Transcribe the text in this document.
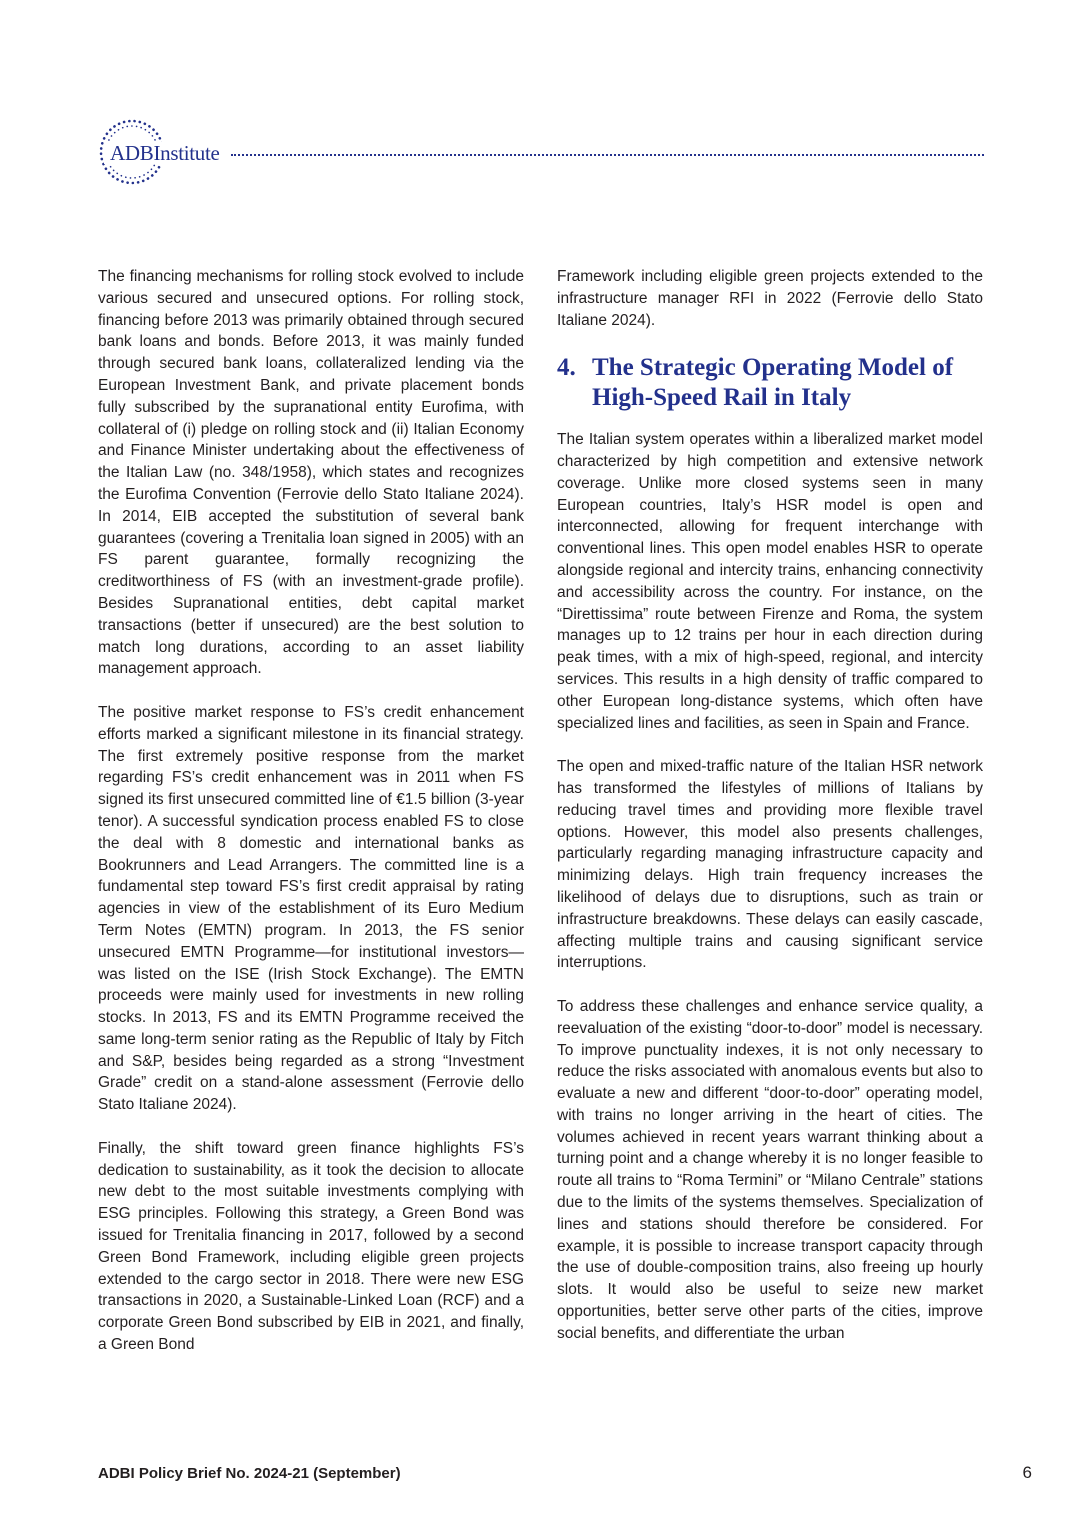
ADBInstitute

The financing mechanisms for rolling stock evolved to include various secured and unsecured options. For rolling stock, financing before 2013 was primarily obtained through secured bank loans and bonds. Before 2013, it was mainly funded through secured bank loans, collateralized lending via the European Investment Bank, and private placement bonds fully subscribed by the supranational entity Eurofima, with collateral of (i) pledge on rolling stock and (ii) Italian Economy and Finance Minister undertaking about the effectiveness of the Italian Law (no. 348/1958), which states and recognizes the Eurofima Convention (Ferrovie dello Stato Italiane 2024). In 2014, EIB accepted the substitution of several bank guarantees (covering a Trenitalia loan signed in 2005) with an FS parent guarantee, formally recognizing the creditworthiness of FS (with an investment-grade profile). Besides Supranational entities, debt capital market transactions (better if unsecured) are the best solution to match long durations, according to an asset liability management approach.

The positive market response to FS’s credit enhancement efforts marked a significant milestone in its financial strategy. The first extremely positive response from the market regarding FS’s credit enhancement was in 2011 when FS signed its first unsecured committed line of €1.5 billion (3-year tenor). A successful syndication process enabled FS to close the deal with 8 domestic and international banks as Bookrunners and Lead Arrangers. The committed line is a fundamental step toward FS’s first credit appraisal by rating agencies in view of the establishment of its Euro Medium Term Notes (EMTN) program. In 2013, the FS senior unsecured EMTN Programme—for institutional investors—was listed on the ISE (Irish Stock Exchange). The EMTN proceeds were mainly used for investments in new rolling stocks. In 2013, FS and its EMTN Programme received the same long-term senior rating as the Republic of Italy by Fitch and S&P, besides being regarded as a strong “Investment Grade” credit on a stand-alone assessment (Ferrovie dello Stato Italiane 2024).

Finally, the shift toward green finance highlights FS’s dedication to sustainability, as it took the decision to allocate new debt to the most suitable investments complying with ESG principles. Following this strategy, a Green Bond was issued for Trenitalia financing in 2017, followed by a second Green Bond Framework, including eligible green projects extended to the cargo sector in 2018. There were new ESG transactions in 2020, a Sustainable-Linked Loan (RCF) and a corporate Green Bond subscribed by EIB in 2021, and finally, a Green Bond

Framework including eligible green projects extended to the infrastructure manager RFI in 2022 (Ferrovie dello Stato Italiane 2024).

4. The Strategic Operating Model of High-Speed Rail in Italy

The Italian system operates within a liberalized market model characterized by high competition and extensive network coverage. Unlike more closed systems seen in many European countries, Italy’s HSR model is open and interconnected, allowing for frequent interchange with conventional lines. This open model enables HSR to operate alongside regional and intercity trains, enhancing connectivity and accessibility across the country. For instance, on the “Direttissima” route between Firenze and Roma, the system manages up to 12 trains per hour in each direction during peak times, with a mix of high-speed, regional, and intercity services. This results in a high density of traffic compared to other European long-distance systems, which often have specialized lines and facilities, as seen in Spain and France.

The open and mixed-traffic nature of the Italian HSR network has transformed the lifestyles of millions of Italians by reducing travel times and providing more flexible travel options. However, this model also presents challenges, particularly regarding managing infrastructure capacity and minimizing delays. High train frequency increases the likelihood of delays due to disruptions, such as train or infrastructure breakdowns. These delays can easily cascade, affecting multiple trains and causing significant service interruptions.

To address these challenges and enhance service quality, a reevaluation of the existing “door-to-door” model is necessary. To improve punctuality indexes, it is not only necessary to reduce the risks associated with anomalous events but also to evaluate a new and different “door-to-door” operating model, with trains no longer arriving in the heart of cities. The volumes achieved in recent years warrant thinking about a turning point and a change whereby it is no longer feasible to route all trains to “Roma Termini” or “Milano Centrale” stations due to the limits of the systems themselves. Specialization of lines and stations should therefore be considered. For example, it is possible to increase transport capacity through the use of double-composition trains, also freeing up hourly slots. It would also be useful to seize new market opportunities, better serve other parts of the cities, improve social benefits, and differentiate the urban

ADBI Policy Brief No. 2024-21 (September)	6
